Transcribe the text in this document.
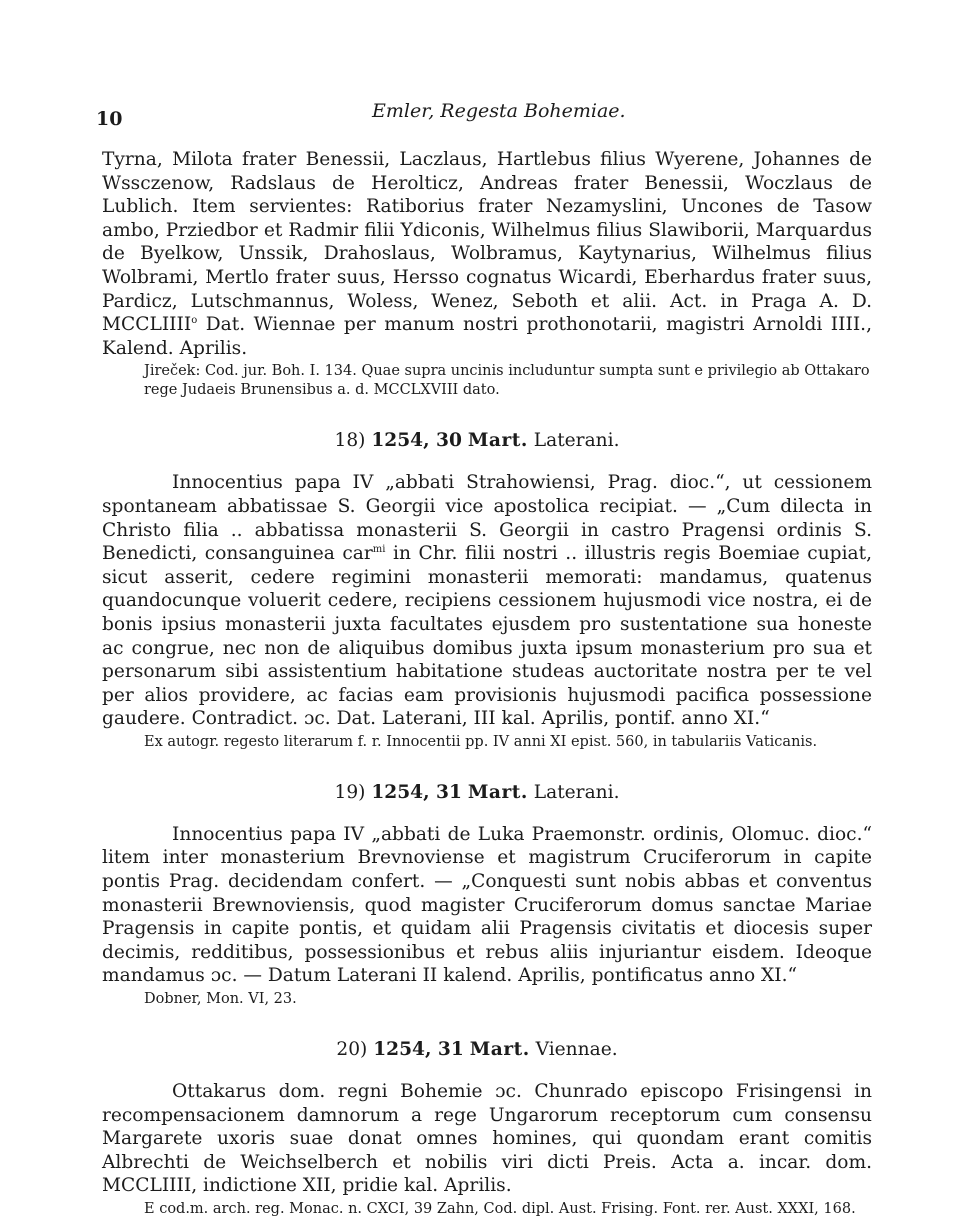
10	Emler, Regesta Bohemiae.

Tyrna, Milota frater Benessii, Laczlaus, Hartlebus filius Wyerene, Johannes de Wssczenow, Radslaus de Herolticz, Andreas frater Benessii, Woczlaus de Lublich. Item servientes: Ratiborius frater Nezamyslini, Uncones de Tasow ambo, Prziedbor et Radmir filii Ydiconis, Wilhelmus filius Slawiborii, Marquardus de Byelkow, Unssik, Drahoslaus, Wolbramus, Kaytynarius, Wilhelmus filius Wolbrami, Mertlo frater suus, Hersso cognatus Wicardi, Eberhardus frater suus, Pardicz, Lutschmannus, Woless, Wenez, Seboth et alii. Act. in Praga A. D. MCCLIIII$^o$ Dat. Wiennae per manum nostri prothonotarii, magistri Arnoldi IIII., Kalend. Aprilis.

Jireček: Cod. jur. Boh. I. 134. Quae supra uncinis includuntur sumpta sunt e privilegio ab Ottakaro rege Judaeis Brunensibus a. d. MCCLXVIII dato.

18) 1254, 30 Mart. Laterani.

Innocentius papa IV „abbati Strahowiensi, Prag. dioc.“, ut cessionem spontaneam abbatissae S. Georgii vice apostolica recipiat. — „Cum dilecta in Christo filia .. abbatissa monasterii S. Georgii in castro Pragensi ordinis S. Benedicti, consanguinea car$^{mi}$ in Chr. filii nostri .. illustris regis Boemiae cupiat, sicut asserit, cedere regimini monasterii memorati: mandamus, quatenus quandocunque voluerit cedere, recipiens cessionem hujusmodi vice nostra, ei de bonis ipsius monasterii juxta facultates ejusdem pro sustentatione sua honeste ac congrue, nec non de aliquibus domibus juxta ipsum monasterium pro sua et personarum sibi assistentium habitatione studeas auctoritate nostra per te vel per alios providere, ac facias eam provisionis hujusmodi pacifica possessione gaudere. Contradict. ɔc. Dat. Laterani, III kal. Aprilis, pontif. anno XI.“

Ex autogr. regesto literarum f. r. Innocentii pp. IV anni XI epist. 560, in tabulariis Vaticanis.

19) 1254, 31 Mart. Laterani.

Innocentius papa IV „abbati de Luka Praemonstr. ordinis, Olomuc. dioc.“ litem inter monasterium Brevnoviense et magistrum Cruciferorum in capite pontis Prag. decidendam confert. — „Conquesti sunt nobis abbas et conventus monasterii Brewnoviensis, quod magister Cruciferorum domus sanctae Mariae Pragensis in capite pontis, et quidam alii Pragensis civitatis et diocesis super decimis, redditibus, possessionibus et rebus aliis injuriantur eisdem. Ideoque mandamus ɔc. — Datum Laterani II kalend. Aprilis, pontificatus anno XI.“

Dobner, Mon. VI, 23.

20) 1254, 31 Mart. Viennae.

Ottakarus dom. regni Bohemie ɔc. Chunrado episcopo Frisingensi in recompensacionem damnorum a rege Ungarorum receptorum cum consensu Margarete uxoris suae donat omnes homines, qui quondam erant comitis Albrechti de Weichselberch et nobilis viri dicti Preis. Acta a. incar. dom. MCCLIIII, indictione XII, pridie kal. Aprilis.

E cod.m. arch. reg. Monac. n. CXCI, 39 Zahn, Cod. dipl. Aust. Frising. Font. rer. Aust. XXXI, 168.
